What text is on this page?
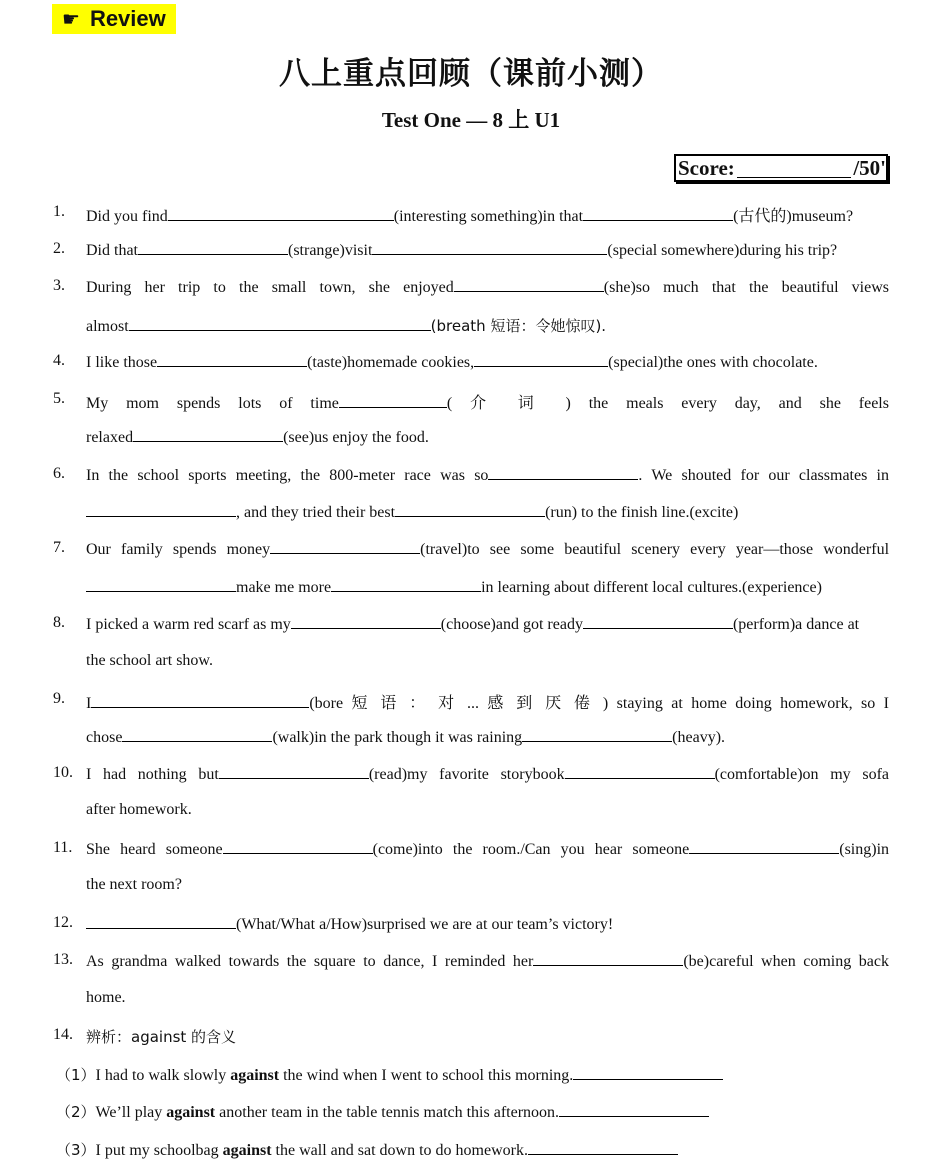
☛ Review
八上重点回顾（课前小测）
Test One — 8 上 U1
Score:	/50'
1. Did you find	(interesting something)in that	(古代的)museum?
2. Did that	(strange)visit	(special somewhere)during his trip?
3. During her trip to the small town, she enjoyed	(she)so much that the beautiful views
almost	(breath 短语：令她惊叹).
4. I like those	(taste)homemade cookies,	(special)the ones with chocolate.
5. My mom spends lots of time	( 介 词 ) the meals every day, and she feels
relaxed	(see)us enjoy the food.
6. In the school sports meeting, the 800-meter race was so	. We shouted for our classmates in
, and they tried their best	(run) to the finish line.(excite)
7. Our family spends money	(travel)to see some beautiful scenery every year—those wonderful
make me more	in learning about different local cultures.(experience)
8. I picked a warm red scarf as my	(choose)and got ready	(perform)a dance at
the school art show.
9. I	(bore 短 语 ： 对 ... 感 到 厌 倦 ) staying at home doing homework, so I
chose	(walk)in the park though it was raining	(heavy).
10. I had nothing but	(read)my favorite storybook	(comfortable)on my sofa
after homework.
11. She heard someone	(come)into the room./Can you hear someone	(sing)in
the next room?
12.	(What/What a/How)surprised we are at our team’s victory!
13. As grandma walked towards the square to dance, I reminded her	(be)careful when coming back
home.
14. 辨析：against 的含义
（1）I had to walk slowly against the wind when I went to school this morning.
（2）We’ll play against another team in the table tennis match this afternoon.
（3）I put my schoolbag against the wall and sat down to do homework.
